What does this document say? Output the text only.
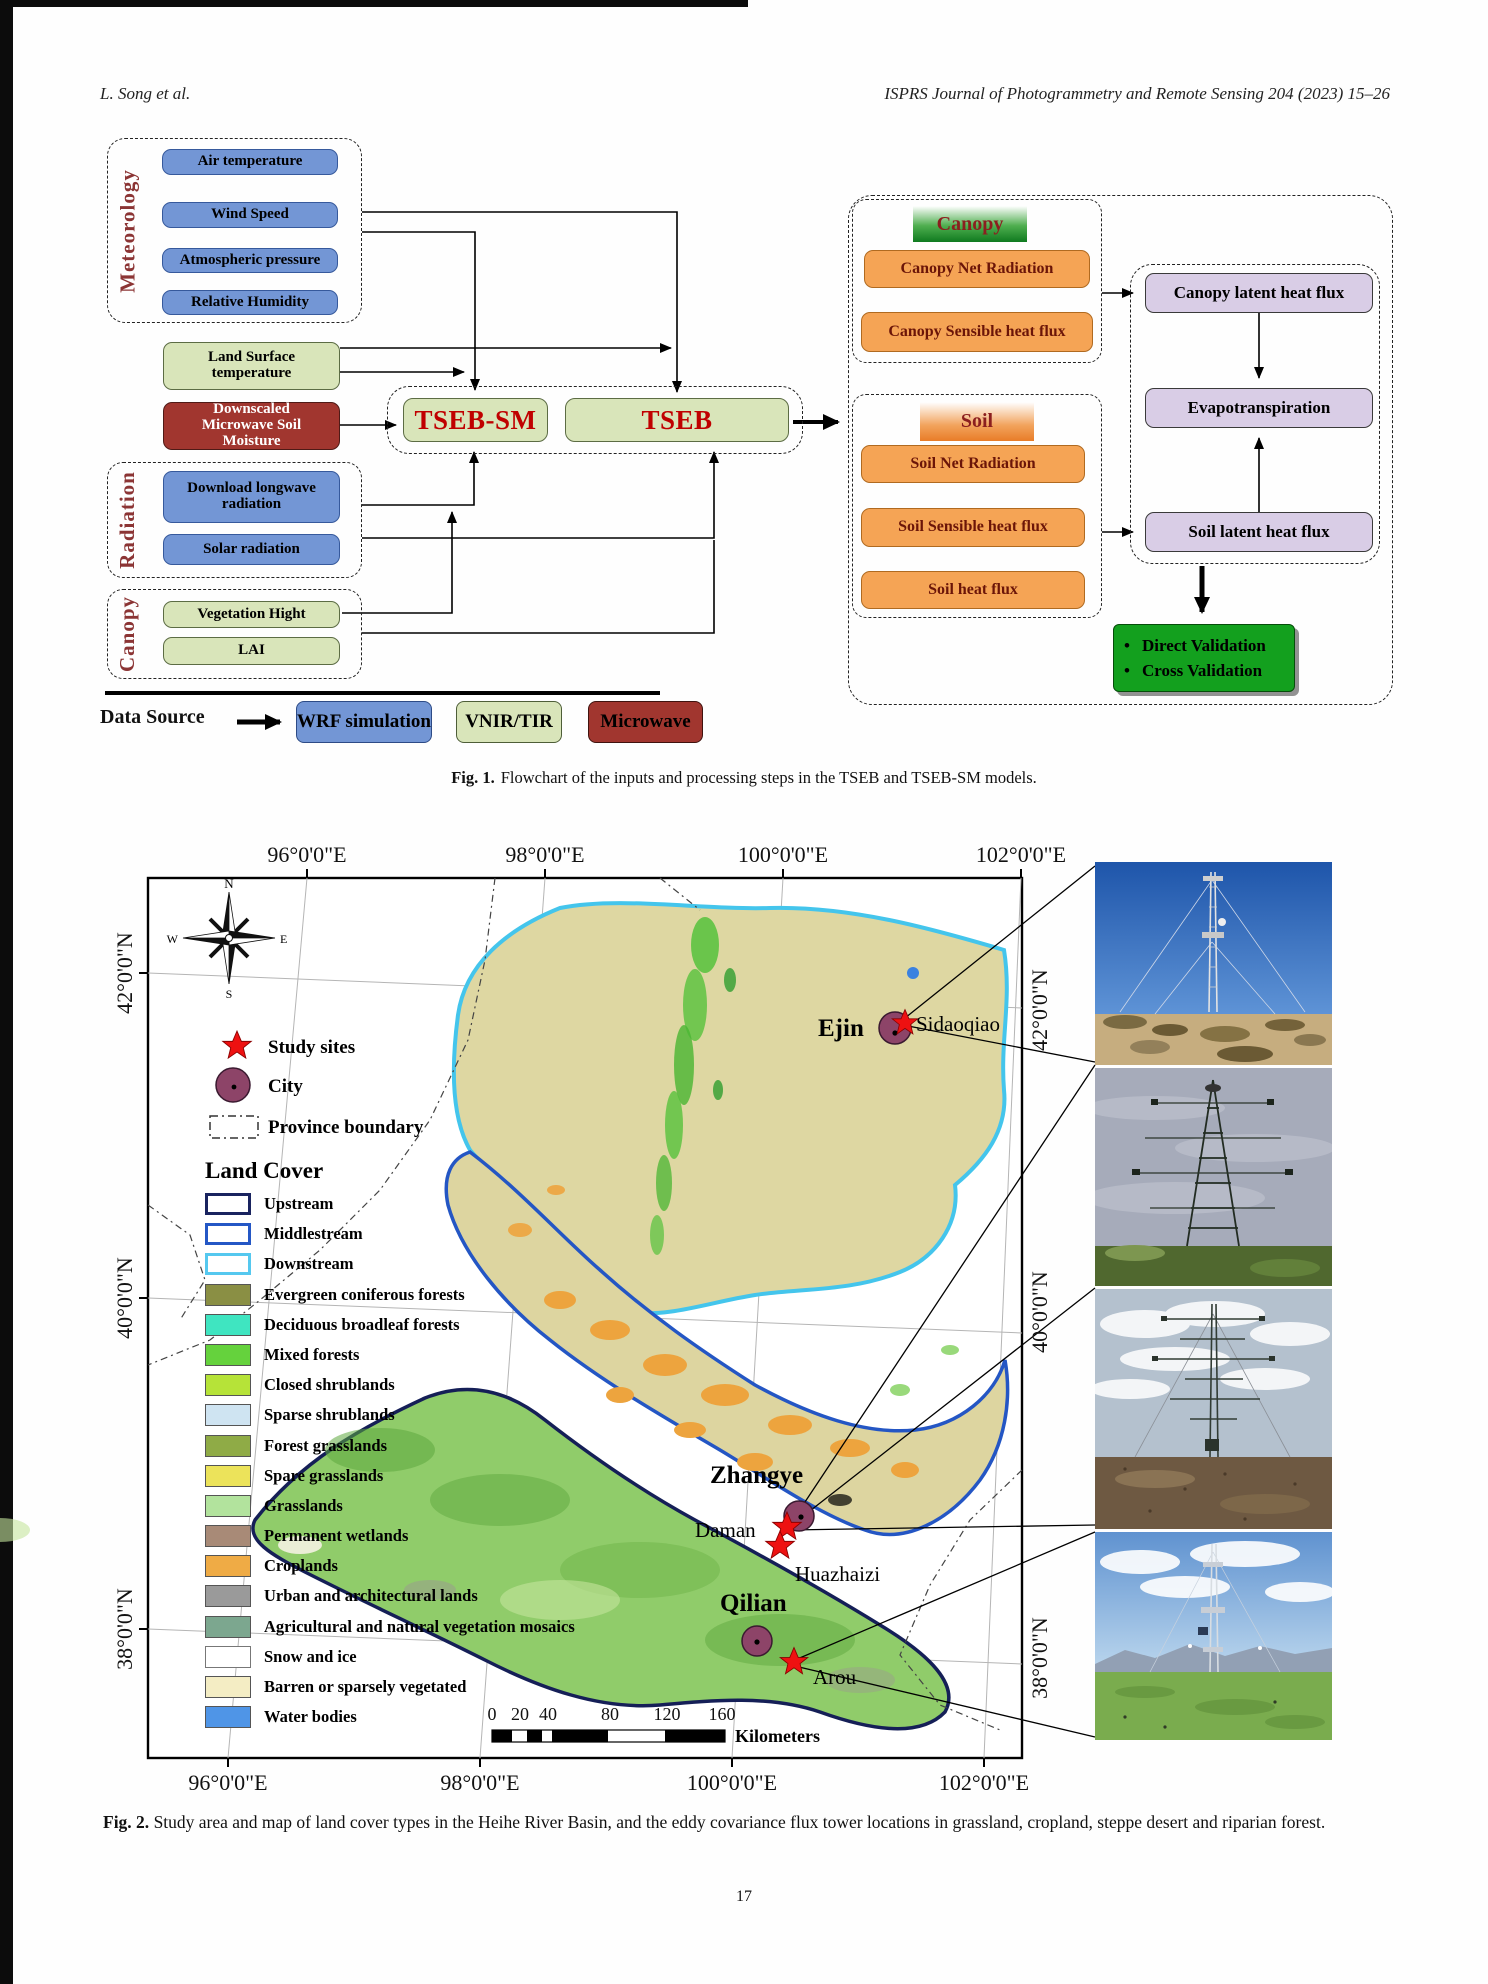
L. Song et al.	ISPRS Journal of Photogrammetry and Remote Sensing 204 (2023) 15–26
Meteorology
Air temperature
Wind Speed
Atmospheric pressure
Relative Humidity
Land Surface temperature
Downscaled Microwave Soil Moisture
Radiation	Download longwave radiation
Solar radiation
Canopy	Vegetation Hight
LAI
TSEB-SM	TSEB
Canopy
Canopy Net Radiation
Canopy Sensible heat flux
Soil
Soil Net Radiation
Soil Sensible heat flux
Soil heat flux
Canopy latent heat flux
Evapotranspiration
Soil latent heat flux
• Direct Validation
• Cross Validation
Data Source	WRF simulation	VNIR/TIR	Microwave
Fig. 1. Flowchart of the inputs and processing steps in the TSEB and TSEB-SM models.
Ejin Sidaoqiao
Zhangye
Daman
Huazhaizi
Qilian
Arou
N
S
E
W
Study sites
City
Province boundary
Land Cover
0 20 40 80 120 160
Kilometers
96°0'0"E	98°0'0"E	100°0'0"E	102°0'0"E
96°0'0"E	98°0'0"E	100°0'0"E	102°0'0"E
42°0'0"N
40°0'0"N
38°0'0"N
42°0'0"N
40°0'0"N
38°0'0"N
Upstream
Middlestream
Downstream
Evergreen coniferous forests
Deciduous broadleaf forests
Mixed forests
Closed shrublands
Sparse shrublands
Forest grasslands
Spare grasslands
Grasslands
Permanent wetlands
Croplands
Urban and architectural lands
Agricultural and natural vegetation mosaics
Snow and ice
Barren or sparsely vegetated
Water bodies
Fig. 2. Study area and map of land cover types in the Heihe River Basin, and the eddy covariance flux tower locations in grassland, cropland, steppe desert and riparian forest.
17
